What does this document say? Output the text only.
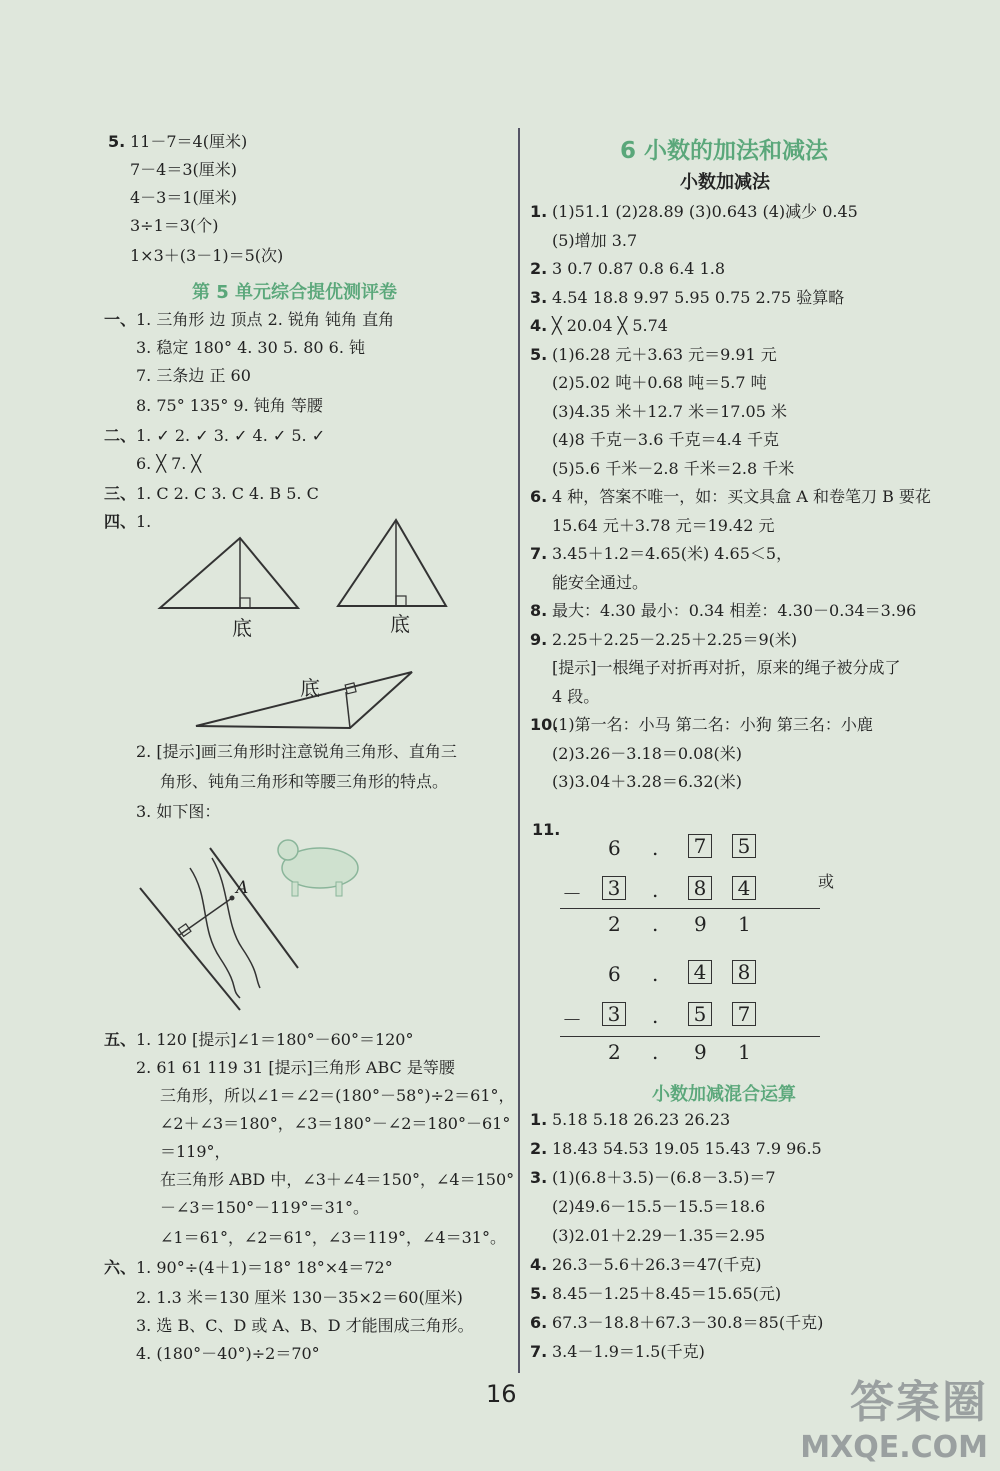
5. 11－7＝4(厘米)
7－4＝3(厘米)
4－3＝1(厘米)
3÷1＝3(个)
1×3＋(3－1)＝5(次)
第 5 单元综合提优测评卷
一、 1. 三角形 边 顶点 2. 锐角 钝角 直角
3. 稳定 180° 4. 30 5. 80 6. 钝
7. 三条边 正 60
8. 75° 135° 9. 钝角 等腰
二、 1. ✓ 2. ✓ 3. ✓ 4. ✓ 5. ✓
6. ╳ 7. ╳
三、 1. C 2. C 3. C 4. B 5. C
四、 1.
底	底
底
2. [提示]画三角形时注意锐角三角形、直角三
角形、钝角三角形和等腰三角形的特点。
3. 如下图：
A
五、 1. 120 [提示]∠1＝180°－60°＝120°
2. 61 61 119 31 [提示]三角形 ABC 是等腰
三角形，所以∠1＝∠2＝(180°－58°)÷2＝61°，
∠2＋∠3＝180°，∠3＝180°－∠2＝180°－61°
＝119°，
在三角形 ABD 中，∠3＋∠4＝150°，∠4＝150°
－∠3＝150°－119°＝31°。
∠1＝61°，∠2＝61°，∠3＝119°，∠4＝31°。
六、 1. 90°÷(4＋1)＝18° 18°×4＝72°
2. 1.3 米＝130 厘米 130－35×2＝60(厘米)
3. 选 B、C、D 或 A、B、D 才能围成三角形。
4. (180°－40°)÷2＝70°
6 小数的加法和减法
小数加减法
1. (1)51.1 (2)28.89 (3)0.643 (4)减少 0.45
(5)增加 3.7
2. 3 0.7 0.87 0.8 6.4 1.8
3. 4.54 18.8 9.97 5.95 0.75 2.75 验算略
4. ╳ 20.04 ╳ 5.74
5. (1)6.28 元＋3.63 元＝9.91 元
(2)5.02 吨＋0.68 吨＝5.7 吨
(3)4.35 米＋12.7 米＝17.05 米
(4)8 千克－3.6 千克＝4.4 千克
(5)5.6 千米－2.8 千米＝2.8 千米
6. 4 种，答案不唯一，如：买文具盒 A 和卷笔刀 B 要花
15.64 元＋3.78 元＝19.42 元
7. 3.45＋1.2＝4.65(米) 4.65＜5，
能安全通过。
8. 最大：4.30 最小：0.34 相差：4.30－0.34＝3.96
9. 2.25＋2.25－2.25＋2.25＝9(米)
[提示]一根绳子对折再对折，原来的绳子被分成了
4 段。
10.
(1)第一名：小马 第二名：小狗 第三名：小鹿
(2)3.26－3.18＝0.08(米)
(3)3.04＋3.28＝6.32(米)
11.
6 . 7 5
－ 3 . 8 4	或
2 . 9 1
6 . 4 8
－ 3 . 5 7
2 . 9 1
小数加减混合运算
1. 5.18 5.18 26.23 26.23
2. 18.43 54.53 19.05 15.43 7.9 96.5
3. (1)(6.8＋3.5)－(6.8－3.5)＝7
(2)49.6－15.5－15.5＝18.6
(3)2.01＋2.29－1.35＝2.95
4. 26.3－5.6＋26.3＝47(千克)
5. 8.45－1.25＋8.45＝15.65(元)
6. 67.3－18.8＋67.3－30.8＝85(千克)
7. 3.4－1.9＝1.5(千克)
16	答案圈
MXQE.COM
